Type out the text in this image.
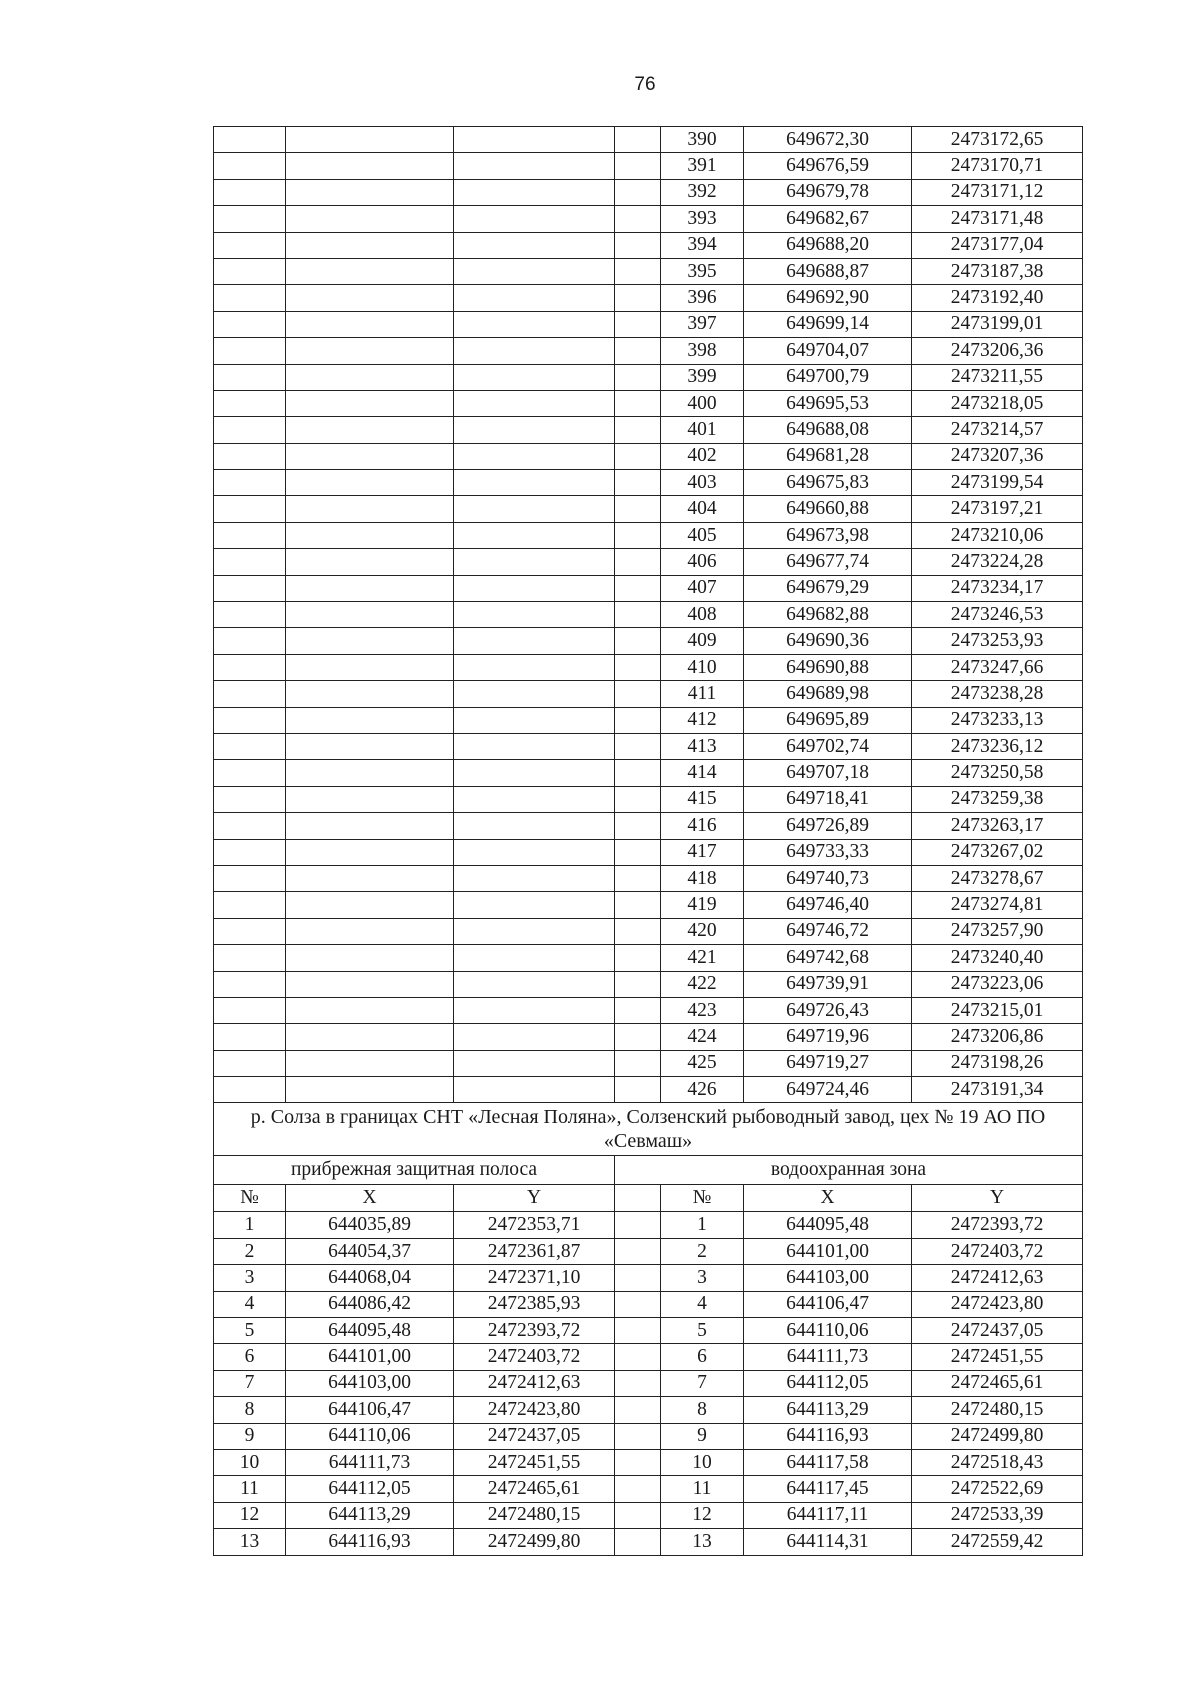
76
				390	649672,30	2473172,65
				391	649676,59	2473170,71
				392	649679,78	2473171,12
				393	649682,67	2473171,48
				394	649688,20	2473177,04
				395	649688,87	2473187,38
				396	649692,90	2473192,40
				397	649699,14	2473199,01
				398	649704,07	2473206,36
				399	649700,79	2473211,55
				400	649695,53	2473218,05
				401	649688,08	2473214,57
				402	649681,28	2473207,36
				403	649675,83	2473199,54
				404	649660,88	2473197,21
				405	649673,98	2473210,06
				406	649677,74	2473224,28
				407	649679,29	2473234,17
				408	649682,88	2473246,53
				409	649690,36	2473253,93
				410	649690,88	2473247,66
				411	649689,98	2473238,28
				412	649695,89	2473233,13
				413	649702,74	2473236,12
				414	649707,18	2473250,58
				415	649718,41	2473259,38
				416	649726,89	2473263,17
				417	649733,33	2473267,02
				418	649740,73	2473278,67
				419	649746,40	2473274,81
				420	649746,72	2473257,90
				421	649742,68	2473240,40
				422	649739,91	2473223,06
				423	649726,43	2473215,01
				424	649719,96	2473206,86
				425	649719,27	2473198,26
				426	649724,46	2473191,34
р. Солза в границах СНТ «Лесная Поляна», Солзенский рыбоводный завод, цех № 19 АО ПО «Севмаш»						
прибрежная защитная полоса			водоохранная зона			
№	X	Y		№	X	Y
1	644035,89	2472353,71		1	644095,48	2472393,72
2	644054,37	2472361,87		2	644101,00	2472403,72
3	644068,04	2472371,10		3	644103,00	2472412,63
4	644086,42	2472385,93		4	644106,47	2472423,80
5	644095,48	2472393,72		5	644110,06	2472437,05
6	644101,00	2472403,72		6	644111,73	2472451,55
7	644103,00	2472412,63		7	644112,05	2472465,61
8	644106,47	2472423,80		8	644113,29	2472480,15
9	644110,06	2472437,05		9	644116,93	2472499,80
10	644111,73	2472451,55		10	644117,58	2472518,43
11	644112,05	2472465,61		11	644117,45	2472522,69
12	644113,29	2472480,15		12	644117,11	2472533,39
13	644116,93	2472499,80		13	644114,31	2472559,42
